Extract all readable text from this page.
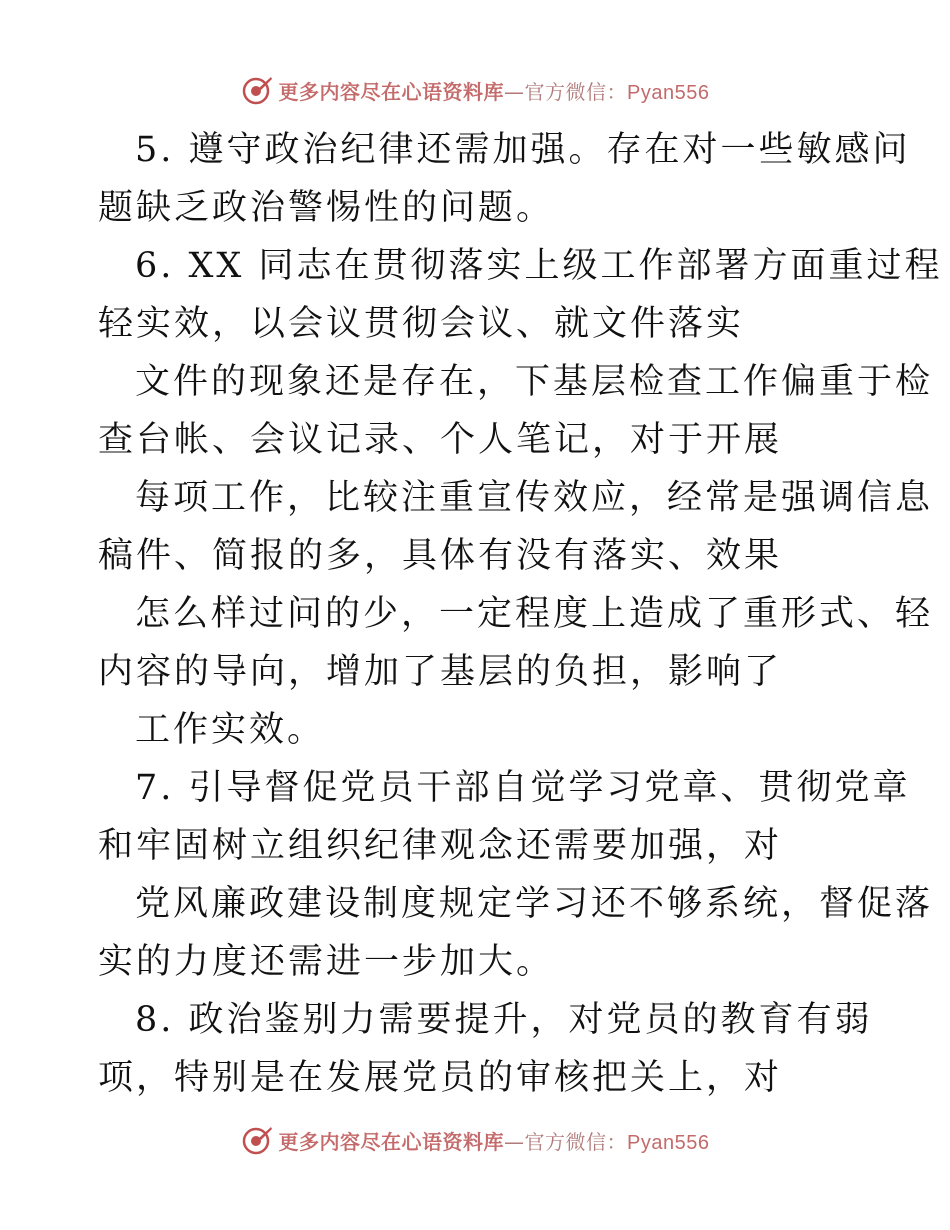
更多内容尽在心语资料库—官方微信：Pyan556
5. 遵守政治纪律还需加强。存在对一些敏感问
题缺乏政治警惕性的问题。
6. XX 同志在贯彻落实上级工作部署方面重过程
轻实效，以会议贯彻会议、就文件落实
文件的现象还是存在，下基层检查工作偏重于检
查台帐、会议记录、个人笔记，对于开展
每项工作，比较注重宣传效应，经常是强调信息
稿件、简报的多，具体有没有落实、效果
怎么样过问的少，一定程度上造成了重形式、轻
内容的导向，增加了基层的负担，影响了
工作实效。
7. 引导督促党员干部自觉学习党章、贯彻党章
和牢固树立组织纪律观念还需要加强，对
党风廉政建设制度规定学习还不够系统，督促落
实的力度还需进一步加大。
8. 政治鉴别力需要提升，对党员的教育有弱
项，特别是在发展党员的审核把关上，对
更多内容尽在心语资料库—官方微信：Pyan556
